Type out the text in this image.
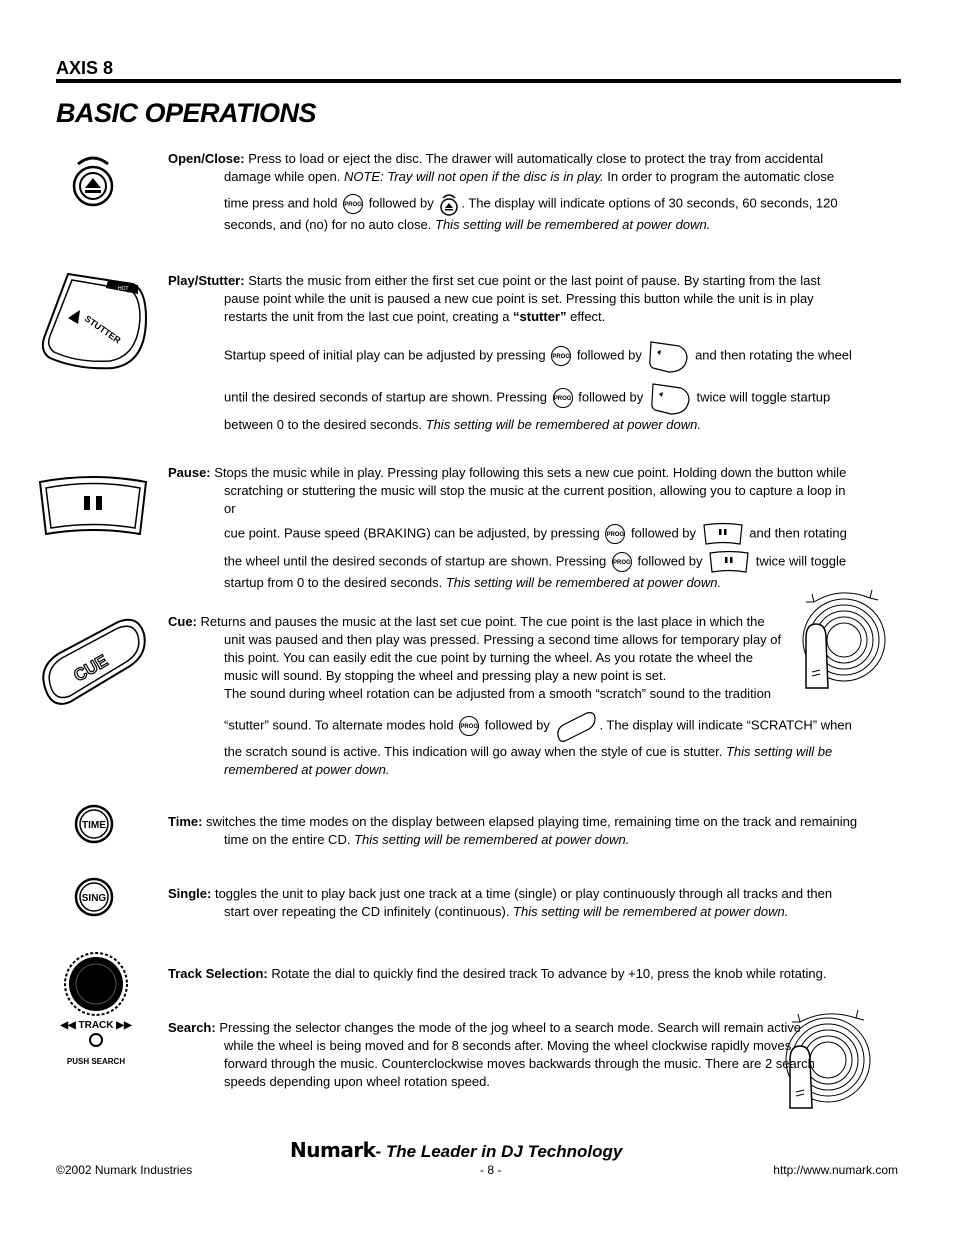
AXIS 8
BASIC OPERATIONS
HOT
STUTTER
CUE
TIME
SING
◀◀ TRACK ▶▶
PUSH SEARCH

Open/Close: Press to load or eject the disc. The drawer will automatically close to protect the tray from accidental damage while open. NOTE: Tray will not open if the disc is in play. In order to program the automatic close

time press and hold PROG followed by . The display will indicate options of 30 seconds, 60 seconds, 120 seconds, and (no) for no auto close. This setting will be remembered at power down.

Play/Stutter: Starts the music from either the first set cue point or the last point of pause. By starting from the last pause point while the unit is paused a new cue point is set. Pressing this button while the unit is in play restarts the unit from the last cue point, creating a “stutter” effect.

Startup speed of initial play can be adjusted by pressing PROG followed by	and then rotating the wheel
until the desired seconds of startup are shown. Pressing PROG followed by	twice will toggle startup between 0 to the desired seconds. This setting will be remembered at power down.

Pause: Stops the music while in play. Pressing play following this sets a new cue point. Holding down the button while scratching or stuttering the music will stop the music at the current position, allowing you to capture a loop in or

cue point. Pause speed (BRAKING) can be adjusted, by pressing PROG followed by	and then rotating
the wheel until the desired seconds of startup are shown. Pressing PROG followed by	twice will toggle startup from 0 to the desired seconds. This setting will be remembered at power down.

Cue: Returns and pauses the music at the last set cue point. The cue point is the last place in which the unit was paused and then play was pressed. Pressing a second time allows for temporary play of this point. You can easily edit the cue point by turning the wheel. As you rotate the wheel the music will sound. By stopping the wheel and pressing play a new point is set.

The sound during wheel rotation can be adjusted from a smooth “scratch” sound to the tradition
“stutter” sound. To alternate modes hold PROG followed by	. The display will indicate “SCRATCH” when the scratch sound is active. This indication will go away when the style of cue is stutter. This setting will be remembered at power down.

Time: switches the time modes on the display between elapsed playing time, remaining time on the track and remaining time on the entire CD. This setting will be remembered at power down.

Single: toggles the unit to play back just one track at a time (single) or play continuously through all tracks and then start over repeating the CD infinitely (continuous). This setting will be remembered at power down.

Track Selection: Rotate the dial to quickly find the desired track To advance by +10, press the knob while rotating.

Search: Pressing the selector changes the mode of the jog wheel to a search mode. Search will remain active while the wheel is being moved and for 8 seconds after. Moving the wheel clockwise rapidly moves forward through the music. Counterclockwise moves backwards through the music. There are 2 search speeds depending upon wheel rotation speed.

Numark- The Leader in DJ Technology
©2002 Numark Industries	- 8 -	http://www.numark.com
